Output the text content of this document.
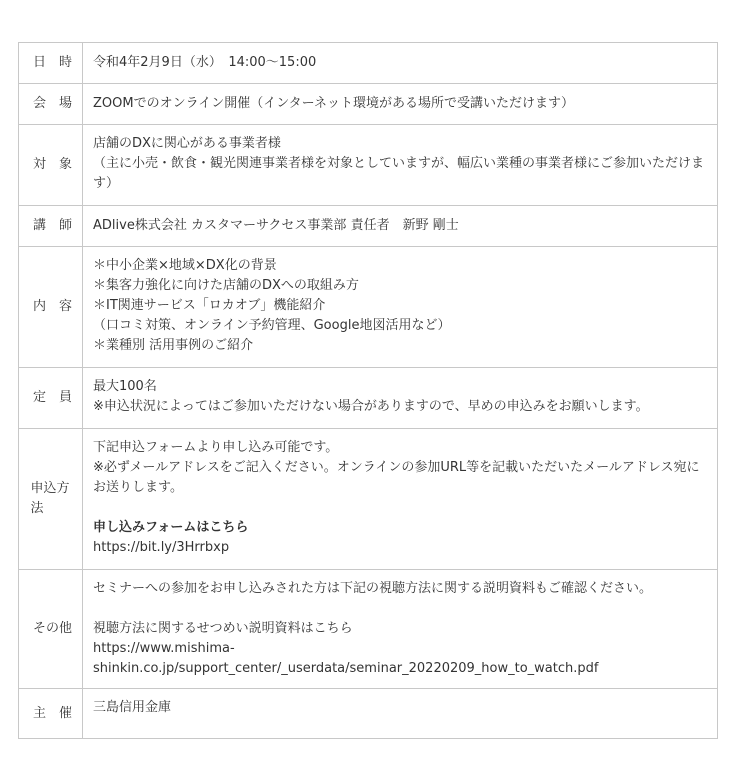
日　時	令和4年2月9日（水）　14:00～15:00

会　場	ZOOMでのオンライン開催（インターネット環境がある場所で受講いただけます）

対　象	店舗のDXに関心がある事業者様
（主に小売・飲食・観光関連事業者様を対象としていますが、幅広い業種の事業者様にご参加いただけます）

講　師	ADlive株式会社 カスタマーサクセス事業部 責任者　新野 剛士

内　容	＊中小企業×地域×DX化の背景
＊集客力強化に向けた店舗のDXへの取組み方
＊IT関連サービス「ロカオブ」機能紹介
（口コミ対策、オンライン予約管理、Google地図活用など）
＊業種別 活用事例のご紹介

定　員	最大100名
※申込状況によってはご参加いただけない場合がありますので、早めの申込みをお願いします。

申込方法	下記申込フォームより申し込み可能です。
※必ずメールアドレスをご記入ください。オンラインの参加URL等を記載いただいたメールアドレス宛にお送りします。
申し込みフォームはこちら
https://bit.ly/3Hrrbxp

その他	セミナーへの参加をお申し込みされた方は下記の視聴方法に関する説明資料もご確認ください。
視聴方法に関するせつめい説明資料はこちら
https://www.mishima-shinkin.co.jp/support_center/_userdata/seminar_20220209_how_to_watch.pdf

主　催	三島信用金庫
